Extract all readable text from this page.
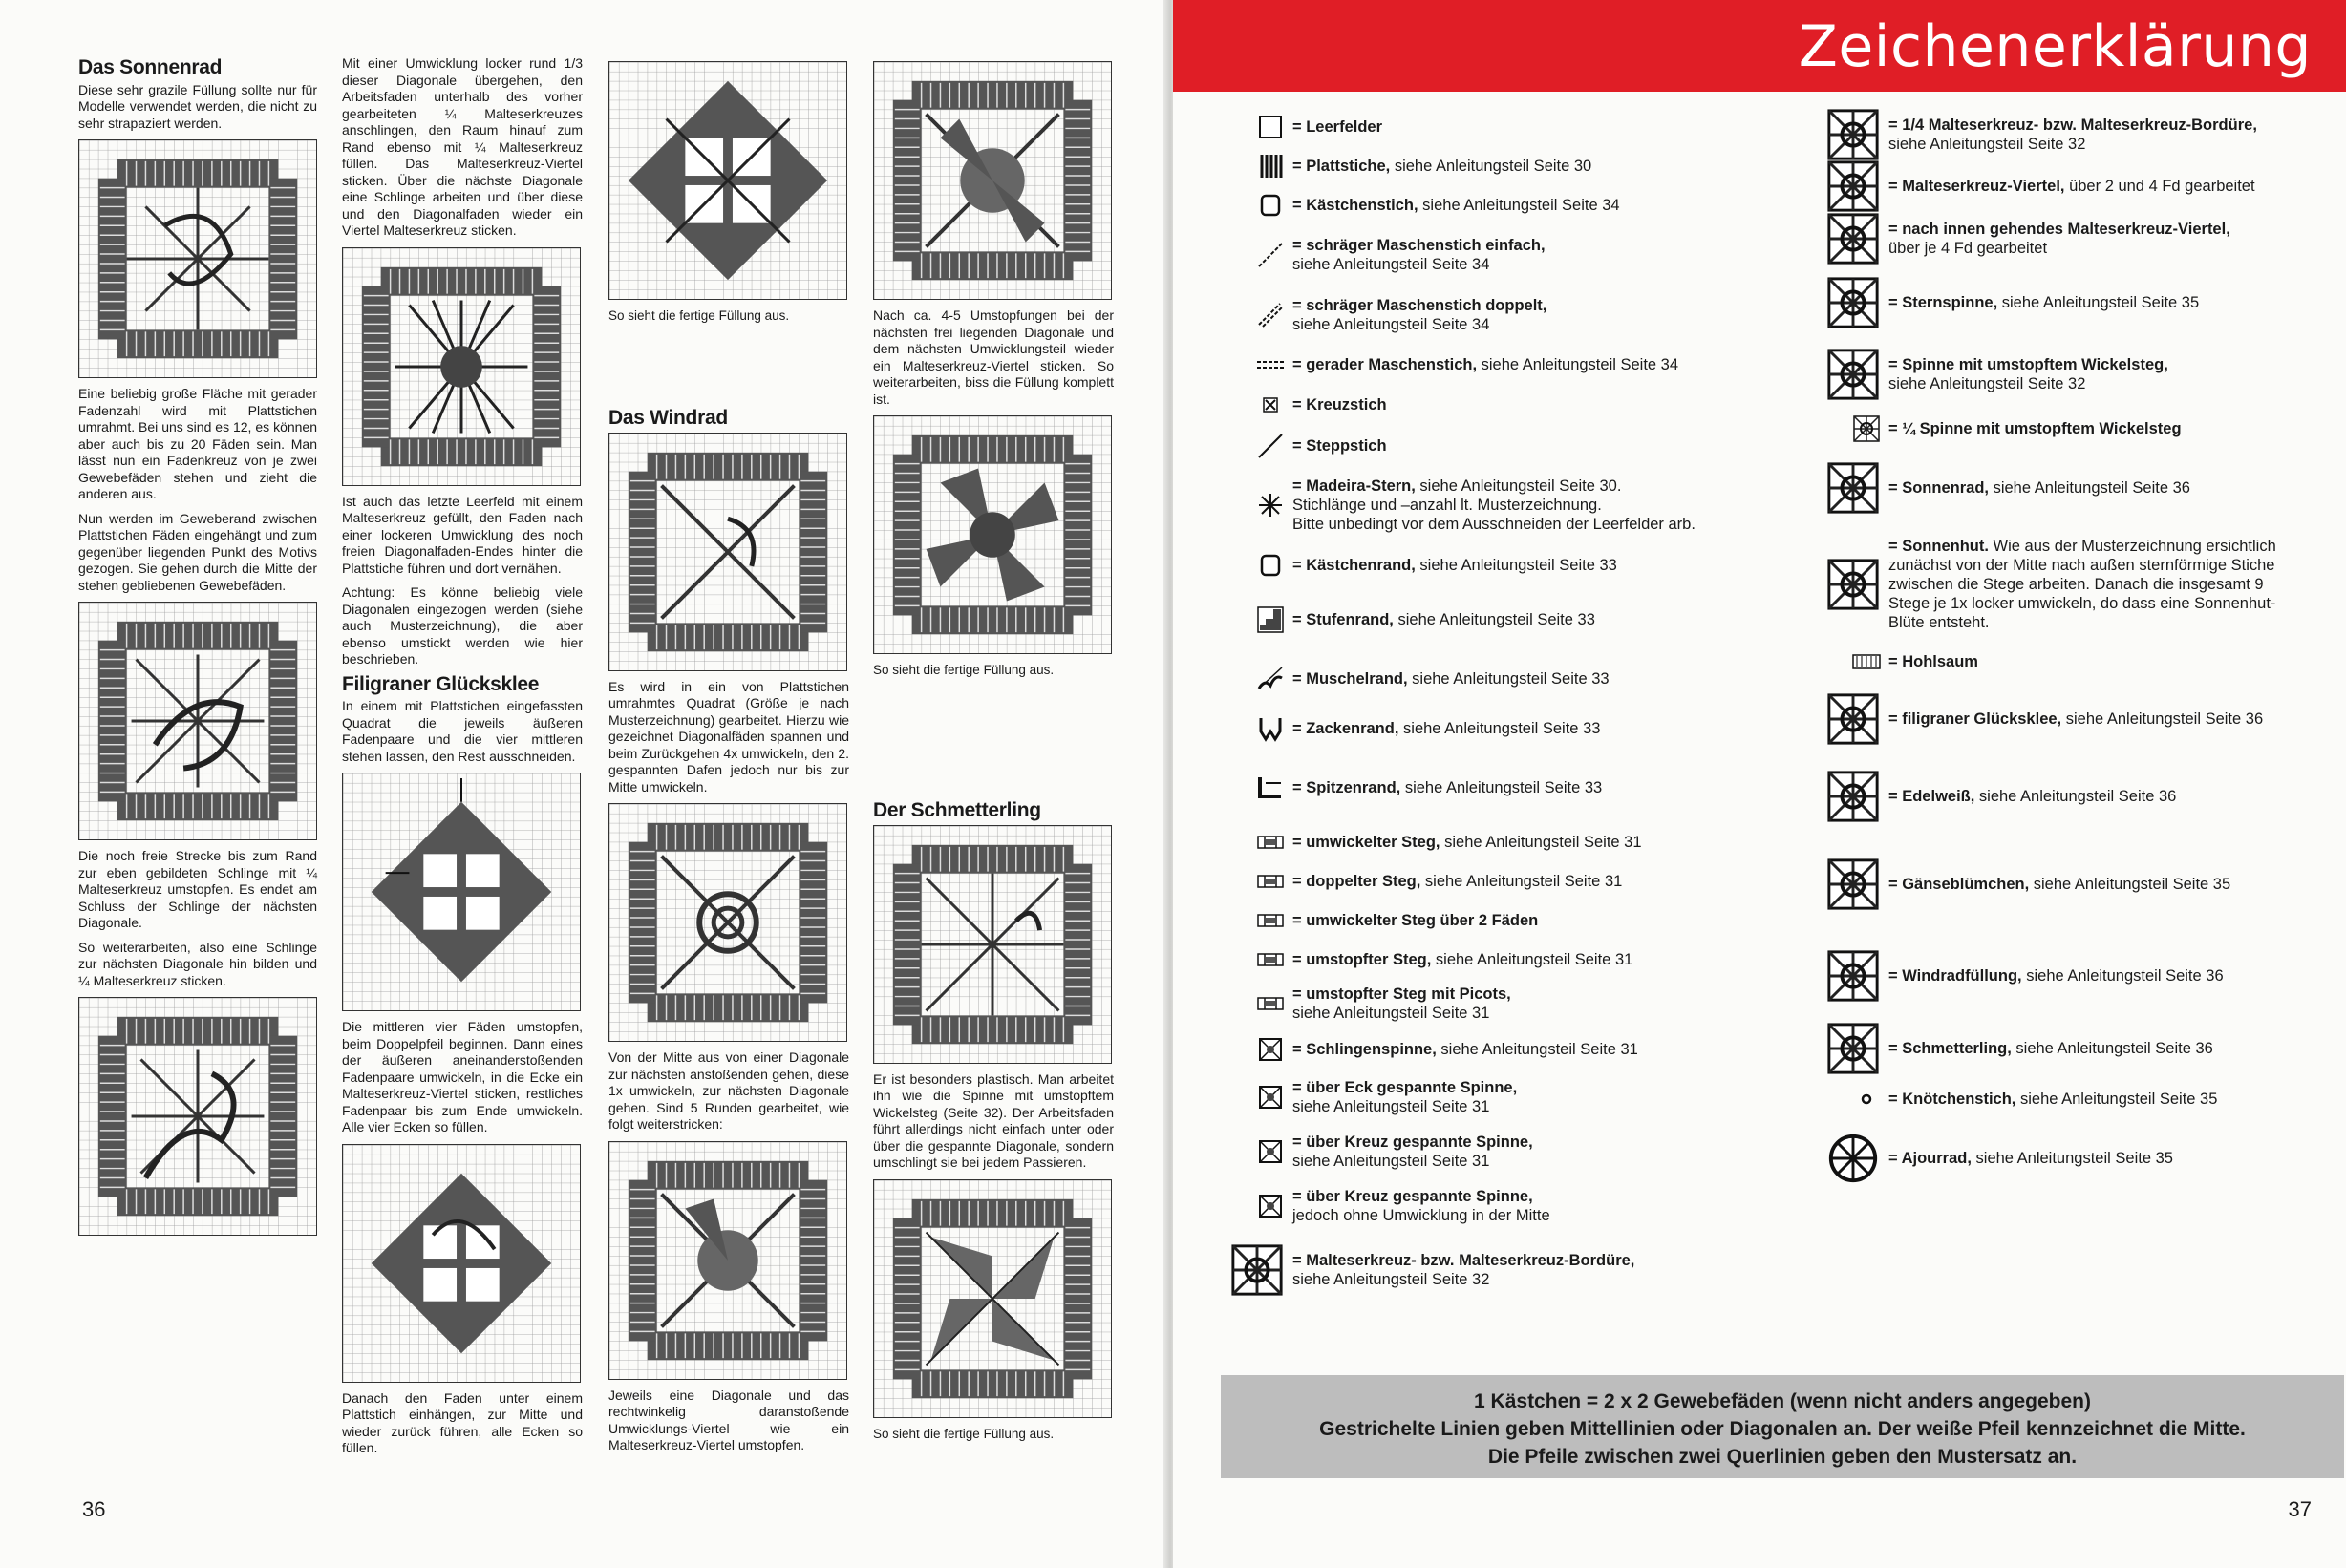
Das Sonnenrad

Diese sehr grazile Füllung sollte nur für Modelle verwendet werden, die nicht zu sehr strapaziert werden.

Eine beliebig große Fläche mit gerader Fadenzahl wird mit Plattstichen umrahmt. Bei uns sind es 12, es können aber auch bis zu 20 Fäden sein. Man lässt nun ein Fadenkreuz von je zwei Gewebefäden stehen und zieht die anderen aus.

Nun werden im Geweberand zwischen Plattstichen Fäden eingehängt und zum gegenüber liegenden Punkt des Motivs gezogen. Sie gehen durch die Mitte der stehen gebliebenen Gewebefäden.

Die noch freie Strecke bis zum Rand zur eben gebildeten Schlinge mit ¼ Malteserkreuz umstopfen. Es endet am Schluss der Schlinge der nächsten Diagonale.

So weiterarbeiten, also eine Schlinge zur nächsten Diagonale hin bilden und ¼ Malteserkreuz sticken.

Mit einer Umwicklung locker rund 1/3 dieser Diagonale übergehen, den Arbeitsfaden unterhalb des vorher gearbeiteten ¼ Malteserkreuzes anschlingen, den Raum hinauf zum Rand ebenso mit ¼ Malteserkreuz füllen. Das Malteserkreuz-Viertel sticken. Über die nächste Diagonale eine Schlinge arbeiten und über diese und den Diagonalfaden wieder ein Viertel Malteserkreuz sticken.

Ist auch das letzte Leerfeld mit einem Malteserkreuz gefüllt, den Faden nach einer lockeren Umwicklung des noch freien Diagonalfaden-Endes hinter die Plattstiche führen und dort vernähen.

Achtung: Es könne beliebig viele Diagonalen eingezogen werden (siehe auch Musterzeichnung), die aber ebenso umstickt werden wie hier beschrieben.

Filigraner Glücksklee

In einem mit Plattstichen eingefassten Quadrat die jeweils äußeren Fadenpaare und die vier mittleren stehen lassen, den Rest ausschneiden.

Die mittleren vier Fäden umstopfen, beim Doppelpfeil beginnen. Dann eines der äußeren aneinanderstoßenden Fadenpaare umwickeln, in die Ecke ein Malteserkreuz-Viertel sticken, restliches Fadenpaar bis zum Ende umwickeln. Alle vier Ecken so füllen.

Danach den Faden unter einem Plattstich einhängen, zur Mitte und wieder zurück führen, alle Ecken so füllen.

So sieht die fertige Füllung aus.

Das Windrad

Es wird in ein von Plattstichen umrahmtes Quadrat (Größe je nach Musterzeichnung) gearbeitet. Hierzu wie gezeichnet Diagonalfäden spannen und beim Zurückgehen 4x umwickeln, den 2. gespannten Dafen jedoch nur bis zur Mitte umwickeln.

Von der Mitte aus von einer Diagonale zur nächsten anstoßenden gehen, diese 1x umwickeln, zur nächsten Diagonale gehen. Sind 5 Runden gearbeitet, wie folgt weiterstricken:

Jeweils eine Diagonale und das rechtwinkelig daranstoßende Umwicklungs-Viertel wie ein Malteserkreuz-Viertel umstopfen.

Nach ca. 4-5 Umstopfungen bei der nächsten frei liegenden Diagonale und dem nächsten Umwicklungsteil wieder ein Malteserkreuz-Viertel sticken. So weiterarbeiten, biss die Füllung komplett ist.

So sieht die fertige Füllung aus.

Der Schmetterling

Er ist besonders plastisch. Man arbeitet ihn wie die Spinne mit umstopftem Wickelsteg (Seite 32). Der Arbeitsfaden führt allerdings nicht einfach unter oder über die gespannte Diagonale, sondern umschlingt sie bei jedem Passieren.

So sieht die fertige Füllung aus.

36
Zeichenerklärung
= Leerfelder
= Plattstiche, siehe Anleitungsteil Seite 30
= Kästchenstich, siehe Anleitungsteil Seite 34
= schräger Maschenstich einfach,
siehe Anleitungsteil Seite 34
= schräger Maschenstich doppelt,
siehe Anleitungsteil Seite 34
= gerader Maschenstich, siehe Anleitungsteil Seite 34
= Kreuzstich
= Steppstich
= Madeira-Stern, siehe Anleitungsteil Seite 30.
Stichlänge und –anzahl lt. Musterzeichnung.
Bitte unbedingt vor dem Ausschneiden der Leerfelder arb.
= Kästchenrand, siehe Anleitungsteil Seite 33
= Stufenrand, siehe Anleitungsteil Seite 33
= Muschelrand, siehe Anleitungsteil Seite 33
= Zackenrand, siehe Anleitungsteil Seite 33
= Spitzenrand, siehe Anleitungsteil Seite 33
= umwickelter Steg, siehe Anleitungsteil Seite 31
= doppelter Steg, siehe Anleitungsteil Seite 31
= umwickelter Steg über 2 Fäden
= umstopfter Steg, siehe Anleitungsteil Seite 31
= umstopfter Steg mit Picots,
siehe Anleitungsteil Seite 31
= Schlingenspinne, siehe Anleitungsteil Seite 31
= über Eck gespannte Spinne,
siehe Anleitungsteil Seite 31
= über Kreuz gespannte Spinne,
siehe Anleitungsteil Seite 31
= über Kreuz gespannte Spinne,
jedoch ohne Umwicklung in der Mitte
= Malteserkreuz- bzw. Malteserkreuz-Bordüre,
siehe Anleitungsteil Seite 32
= 1/4 Malteserkreuz- bzw. Malteserkreuz-Bordüre,
siehe Anleitungsteil Seite 32
= Malteserkreuz-Viertel, über 2 und 4 Fd gearbeitet
= nach innen gehendes Malteserkreuz-Viertel,
über je 4 Fd gearbeitet
= Sternspinne, siehe Anleitungsteil Seite 35
= Spinne mit umstopftem Wickelsteg,
siehe Anleitungsteil Seite 32
= ¼ Spinne mit umstopftem Wickelsteg
= Sonnenrad, siehe Anleitungsteil Seite 36
= Sonnenhut. Wie aus der Musterzeichnung ersichtlich
zunächst von der Mitte nach außen sternförmige Stiche
zwischen die Stege arbeiten. Danach die insgesamt 9
Stege je 1x locker umwickeln, do dass eine Sonnenhut-
Blüte entsteht.
= Hohlsaum
= filigraner Glücksklee, siehe Anleitungsteil Seite 36
= Edelweiß, siehe Anleitungsteil Seite 36
= Gänseblümchen, siehe Anleitungsteil Seite 35
= Windradfüllung, siehe Anleitungsteil Seite 36
= Schmetterling, siehe Anleitungsteil Seite 36
= Knötchenstich, siehe Anleitungsteil Seite 35
= Ajourrad, siehe Anleitungsteil Seite 35
1 Kästchen = 2 x 2 Gewebefäden (wenn nicht anders angegeben)
Gestrichelte Linien geben Mittellinien oder Diagonalen an. Der weiße Pfeil kennzeichnet die Mitte.
Die Pfeile zwischen zwei Querlinien geben den Mustersatz an.
37
